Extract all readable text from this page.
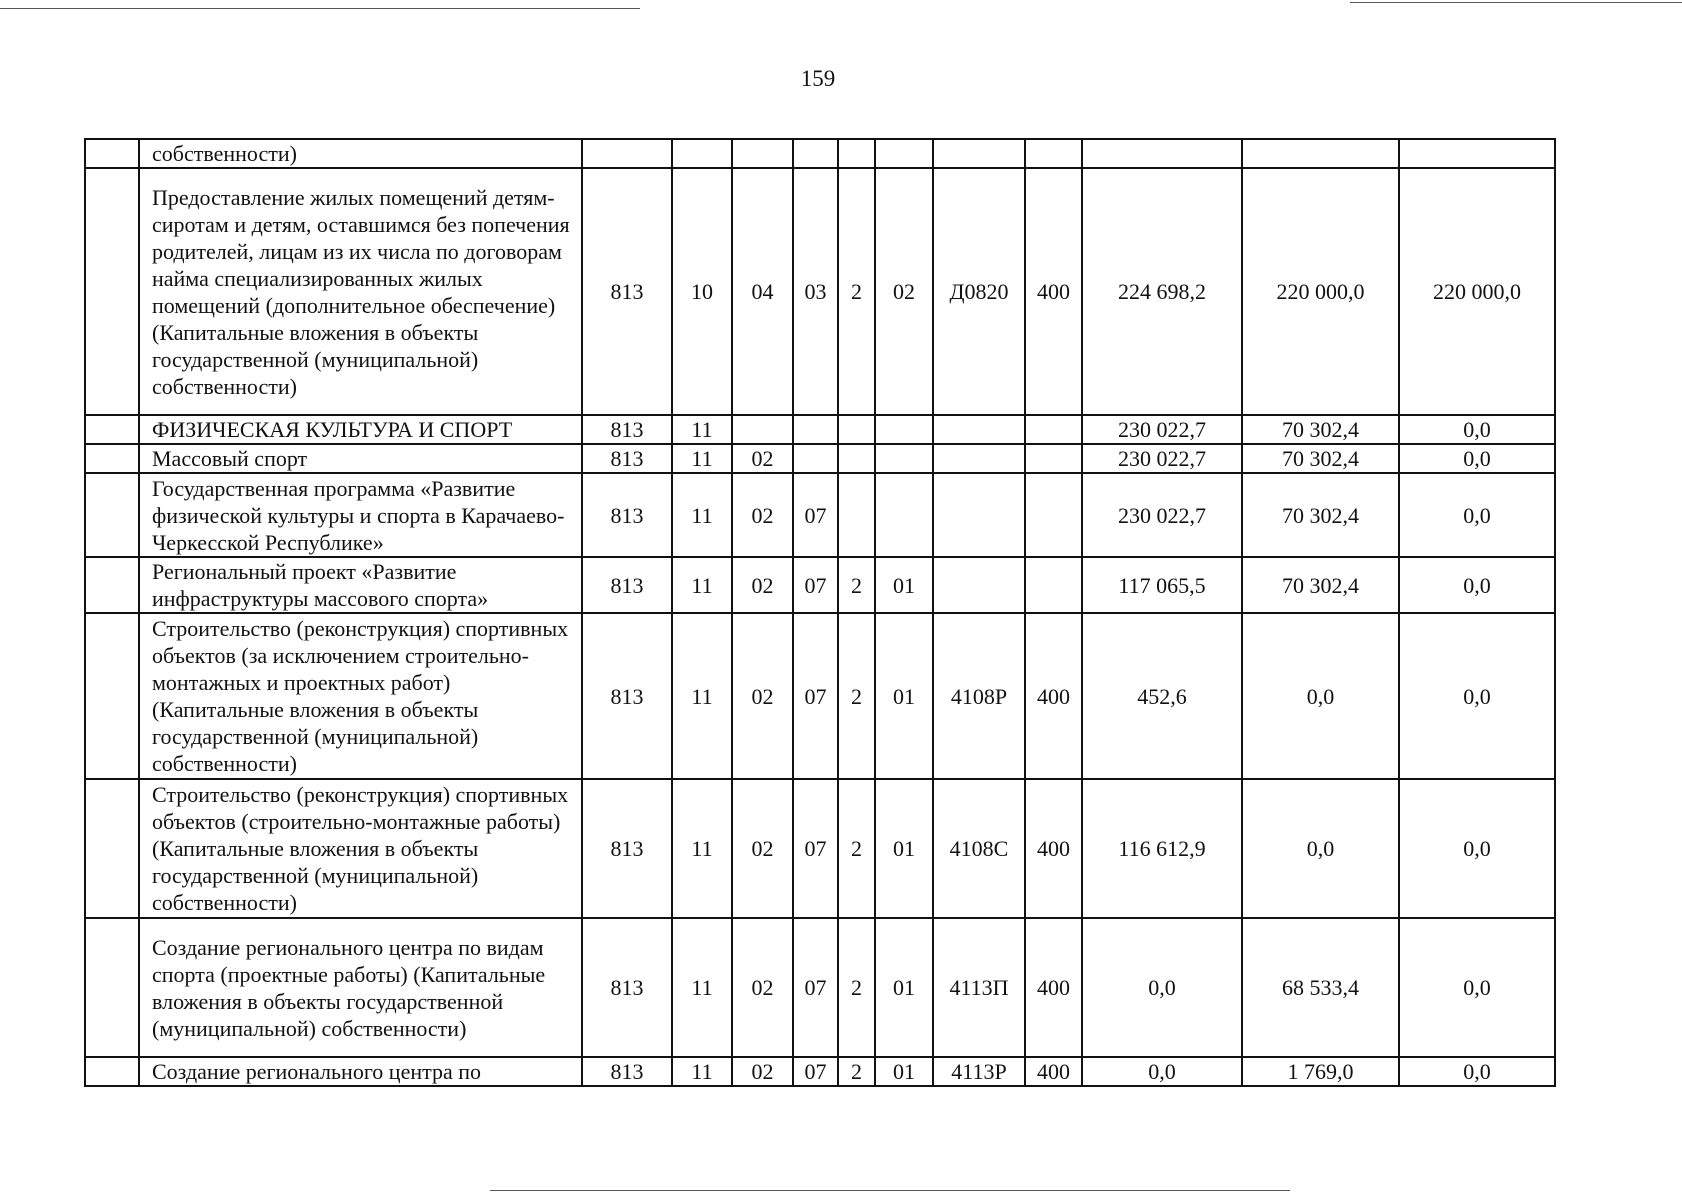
159
	собственности)											
	Предоставление жилых помещений детям-сиротам и детям, оставшимся без попечения родителей, лицам из их числа по договорам найма специализированных жилых помещений (дополнительное обеспечение) (Капитальные вложения в объекты государственной (муниципальной) собственности)	813	10	04	03	2	02	Д0820	400	224 698,2	220 000,0	220 000,0
	ФИЗИЧЕСКАЯ КУЛЬТУРА И СПОРТ	813	11							230 022,7	70 302,4	0,0
	Массовый спорт	813	11	02						230 022,7	70 302,4	0,0
	Государственная программа «Развитие физической культуры и спорта в Карачаево-Черкесской Республике»	813	11	02	07					230 022,7	70 302,4	0,0
	Региональный проект «Развитие инфраструктуры массового спорта»	813	11	02	07	2	01			117 065,5	70 302,4	0,0
	Строительство (реконструкция) спортивных объектов (за исключением строительно-монтажных и проектных работ) (Капитальные вложения в объекты государственной (муниципальной) собственности)	813	11	02	07	2	01	4108Р	400	452,6	0,0	0,0
	Строительство (реконструкция) спортивных объектов (строительно-монтажные работы) (Капитальные вложения в объекты государственной (муниципальной) собственности)	813	11	02	07	2	01	4108С	400	116 612,9	0,0	0,0
	Создание регионального центра по видам спорта (проектные работы) (Капитальные вложения в объекты государственной (муниципальной) собственности)	813	11	02	07	2	01	4113П	400	0,0	68 533,4	0,0
	Создание регионального центра по	813	11	02	07	2	01	4113Р	400	0,0	1 769,0	0,0
